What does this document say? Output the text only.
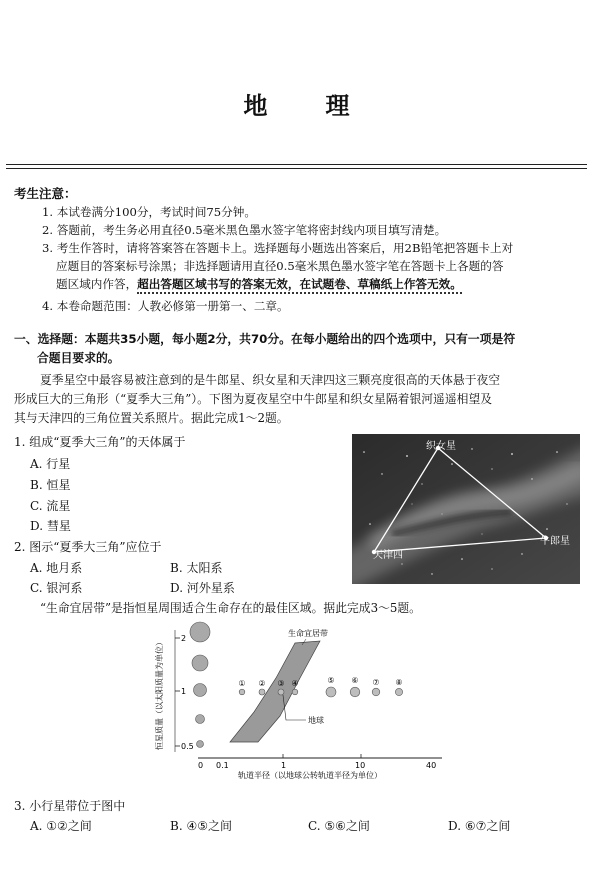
地理
考生注意：
1. 本试卷满分100分，考试时间75分钟。
2. 答题前，考生务必用直径0.5毫米黑色墨水签字笔将密封线内项目填写清楚。
3. 考生作答时，请将答案答在答题卡上。选择题每小题选出答案后，用2B铅笔把答题卡上对
应题目的答案标号涂黑；非选择题请用直径0.5毫米黑色墨水签字笔在答题卡上各题的答
题区域内作答，超出答题区域书写的答案无效，在试题卷、草稿纸上作答无效。
4. 本卷命题范围：人教必修第一册第一、二章。
一、选择题：本题共35小题，每小题2分，共70分。在每小题给出的四个选项中，只有一项是符
合题目要求的。
夏季星空中最容易被注意到的是牛郎星、织女星和天津四这三颗亮度很高的天体悬于夜空
形成巨大的三角形（“夏季大三角”）。下图为夏夜星空中牛郎星和织女星隔着银河遥遥相望及
其与天津四的三角位置关系照片。据此完成1～2题。
1. 组成“夏季大三角”的天体属于
A. 行星
B. 恒星
C. 流星
D. 彗星
2. 图示“夏季大三角”应位于
A. 地月系	B. 太阳系
C. 银河系	D. 河外星系
织女星
牛郎星
天津四
“生命宜居带”是指恒星周围适合生命存在的最佳区域。据此完成3～5题。
2
1
0.5
恒星质量（以太阳质量为单位）
0 0.1	1	10	40
轨道半径（以地球公转轨道半径为单位）
生命宜居带
① ② ③ ④	⑤ ⑥ ⑦ ⑧
地球
3. 小行星带位于图中
A. ①②之间	B. ④⑤之间	C. ⑤⑥之间	D. ⑥⑦之间
